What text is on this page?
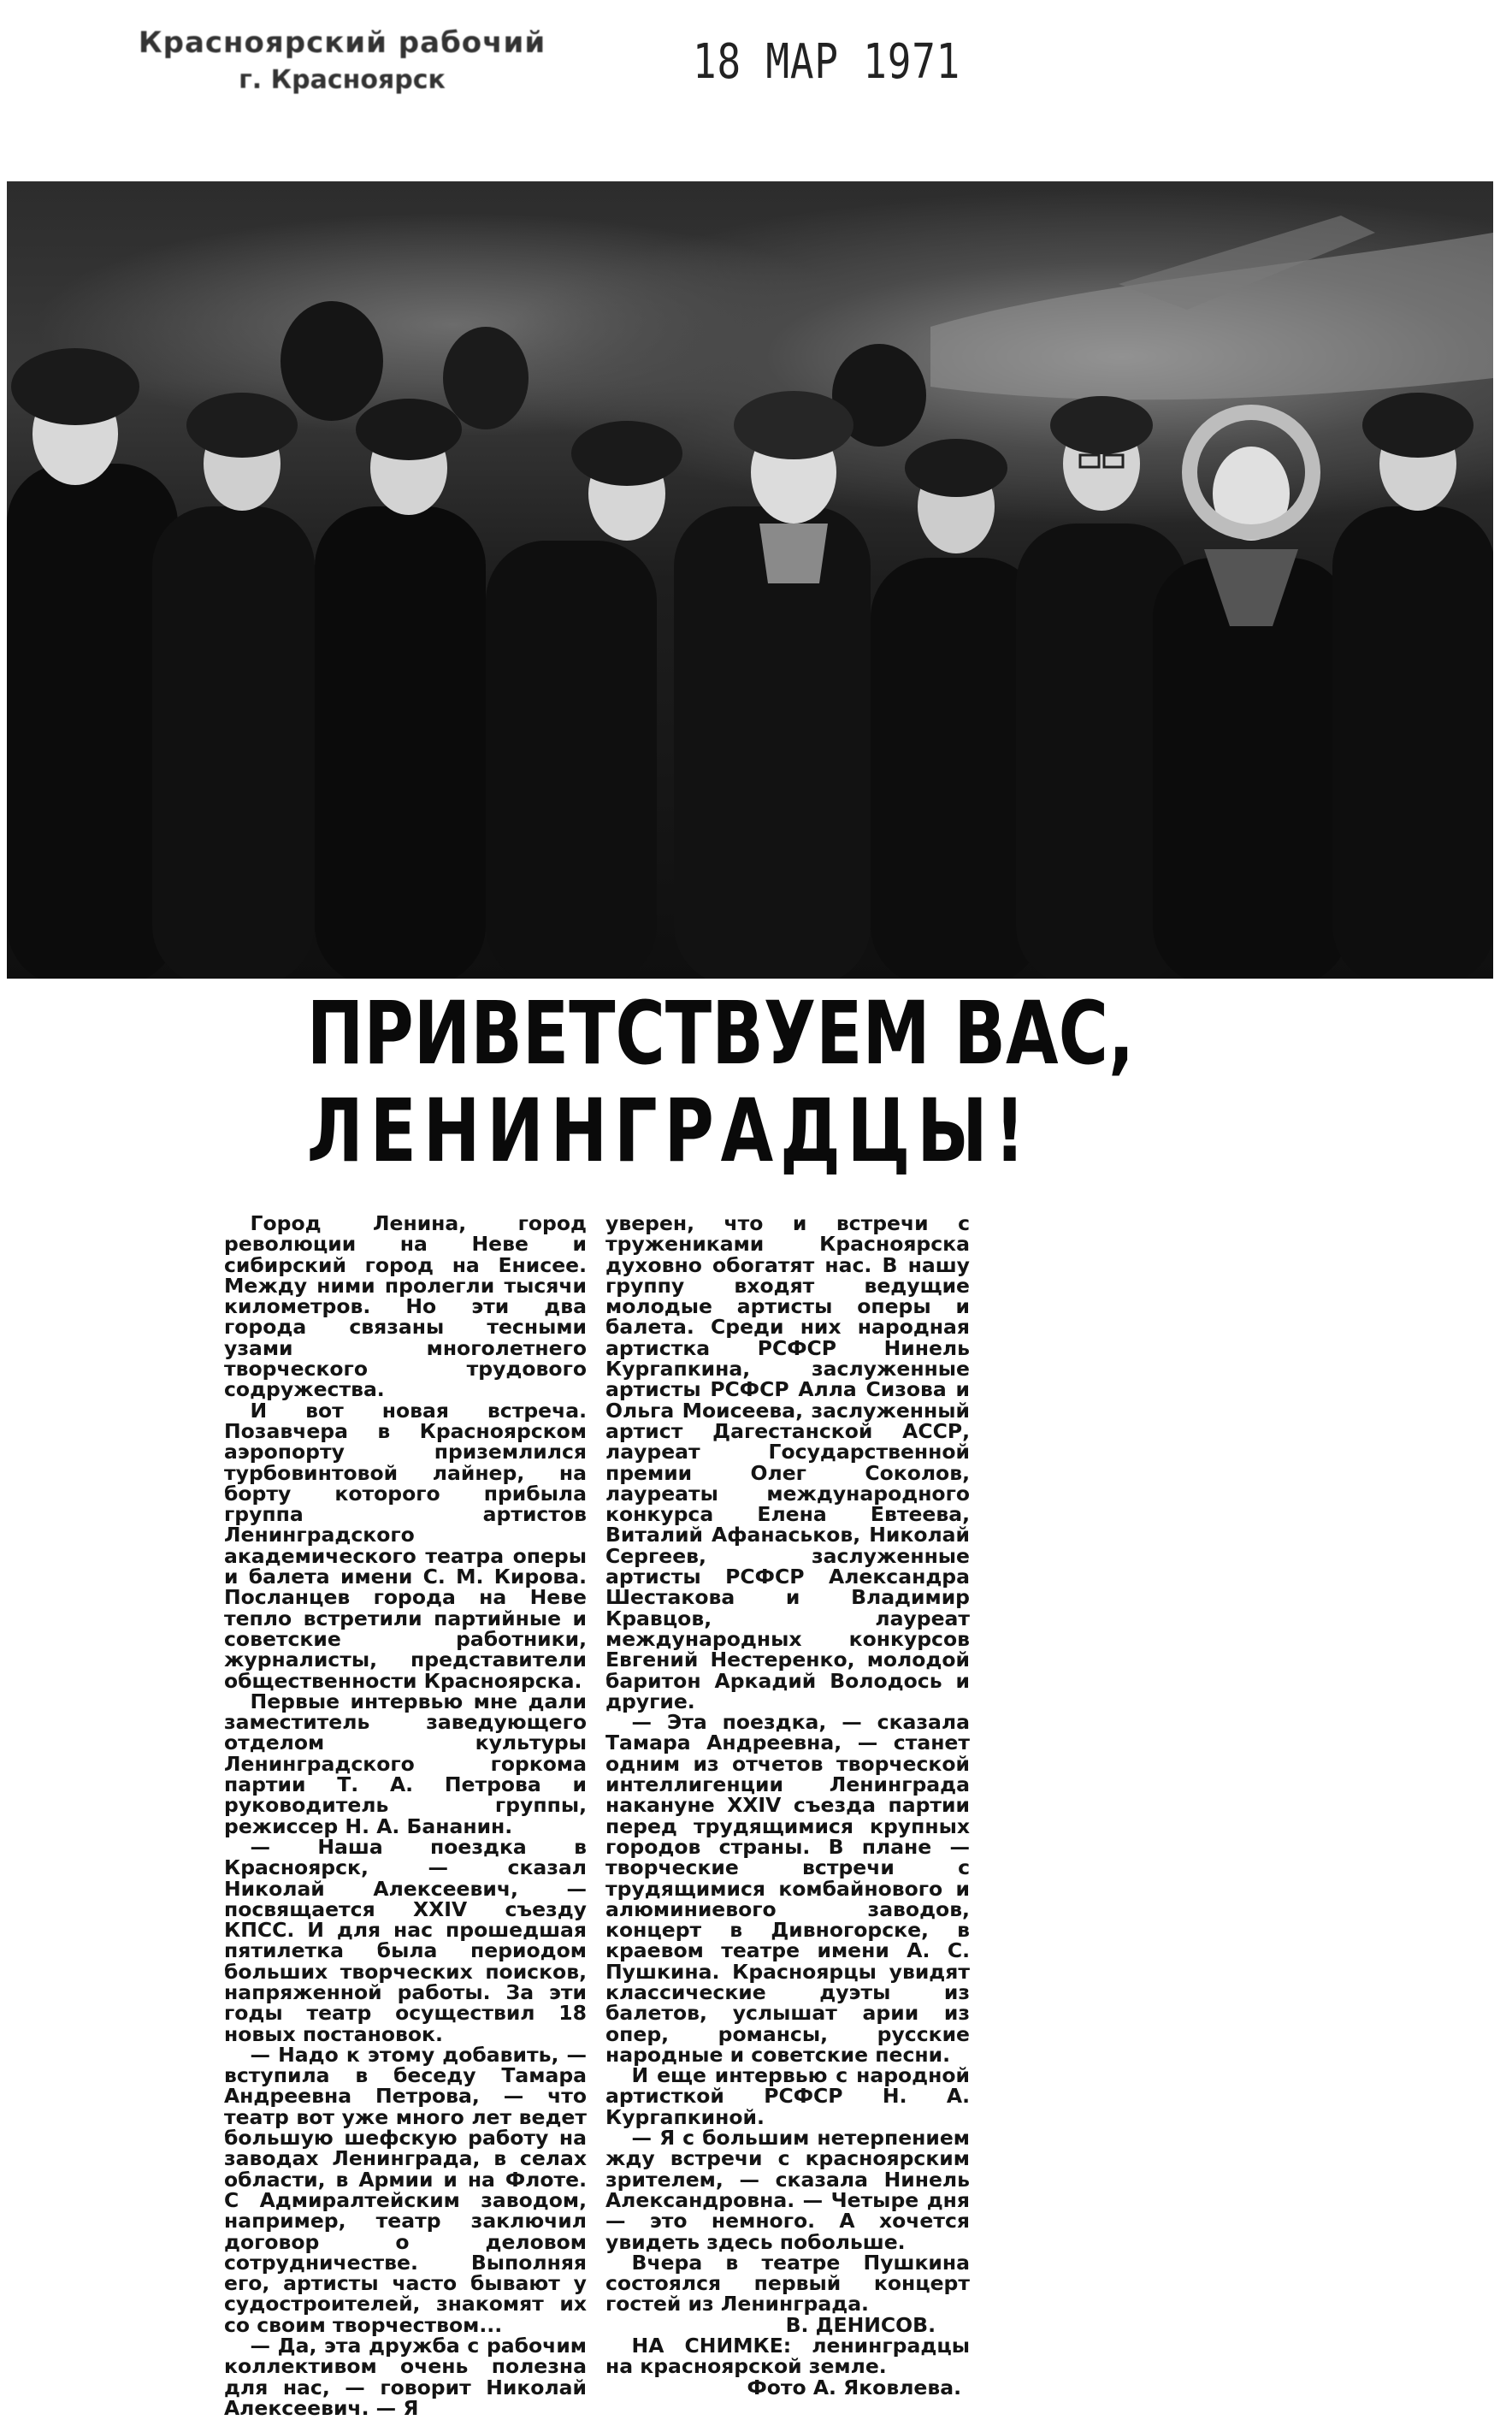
Красноярский рабочий
г. Красноярск	18 МАР 1971
ПРИВЕТСТВУЕМ ВАС,
ЛЕНИНГРАДЦЫ!

Город Ленина, город революции на Неве и сибирский город на Енисее. Между ними пролегли тысячи километров. Но эти два города связаны тесными узами многолетнего творческого трудового содружества.

И вот новая встреча. Позавчера в Красноярском аэропорту приземлился турбовинтовой лайнер, на борту которого прибыла группа артистов Ленинградского академического театра оперы и балета имени С. М. Кирова. Посланцев города на Неве тепло встретили партийные и советские работники, журналисты, представители общественности Красноярска.

Первые интервью мне дали заместитель заведующего отделом культуры Ленинградского горкома партии Т. А. Петрова и руководитель группы, режиссер Н. А. Бананин.

— Наша поездка в Красноярск, — сказал Николай Алексеевич, — посвящается XXIV съезду КПСС. И для нас прошедшая пятилетка была периодом больших творческих поисков, напряженной работы. За эти годы театр осуществил 18 новых постановок.

— Надо к этому добавить, — вступила в беседу Тамара Андреевна Петрова, — что театр вот уже много лет ведет большую шефскую работу на заводах Ленинграда, в селах области, в Армии и на Флоте. С Адмиралтейским заводом, например, театр заключил договор о деловом сотрудничестве. Выполняя его, артисты часто бывают у судостроителей, знакомят их со своим творчеством...

— Да, эта дружба с рабочим коллективом очень полезна для нас, — говорит Николай Алексеевич. — Я

уверен, что и встречи с тружениками Красноярска духовно обогатят нас. В нашу группу входят ведущие молодые артисты оперы и балета. Среди них народная артистка РСФСР Нинель Кургапкина, заслуженные артисты РСФСР Алла Сизова и Ольга Моисеева, заслуженный артист Дагестанской АССР, лауреат Государственной премии Олег Соколов, лауреаты международного конкурса Елена Евтеева, Виталий Афанаськов, Николай Сергеев, заслуженные артисты РСФСР Александра Шестакова и Владимир Кравцов, лауреат международных конкурсов Евгений Нестеренко, молодой баритон Аркадий Володось и другие.

— Эта поездка, — сказала Тамара Андреевна, — станет одним из отчетов творческой интеллигенции Ленинграда накануне XXIV съезда партии перед трудящимися крупных городов страны. В плане — творческие встречи с трудящимися комбайнового и алюминиевого заводов, концерт в Дивногорске, в краевом театре имени А. С. Пушкина. Красноярцы увидят классические дуэты из балетов, услышат арии из опер, романсы, русские народные и советские песни.

И еще интервью с народной артисткой РСФСР Н. А. Кургапкиной.

— Я с большим нетерпением жду встречи с красноярским зрителем, — сказала Нинель Александровна. — Четыре дня — это немного. А хочется увидеть здесь побольше.

Вчера в театре Пушкина состоялся первый концерт гостей из Ленинграда.

В. ДЕНИСОВ.

НА СНИМКЕ: ленинградцы на красноярской земле.

Фото А. Яковлева.
